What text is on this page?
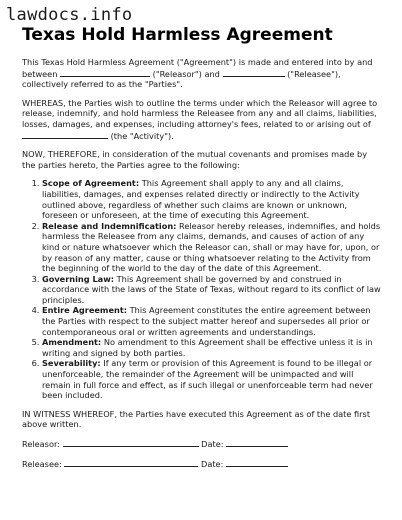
lawdocs.info
Texas Hold Harmless Agreement

This Texas Hold Harmless Agreement ("Agreement") is made and entered into by and between	("Releasor") and	("Releasee"), collectively referred to as the "Parties".

WHEREAS, the Parties wish to outline the terms under which the Releasor will agree to release, indemnify, and hold harmless the Releasee from any and all claims, liabilities, losses, damages, and expenses, including attorney's fees, related to or arising out of  (the "Activity").

NOW, THEREFORE, in consideration of the mutual covenants and promises made by the parties hereto, the Parties agree to the following:

1. Scope of Agreement: This Agreement shall apply to any and all claims, liabilities, damages, and expenses related directly or indirectly to the Activity outlined above, regardless of whether such claims are known or unknown, foreseen or unforeseen, at the time of executing this Agreement.
2. Release and Indemnification: Releasor hereby releases, indemnifies, and holds harmless the Releasee from any claims, demands, and causes of action of any kind or nature whatsoever which the Releasor can, shall or may have for, upon, or by reason of any matter, cause or thing whatsoever relating to the Activity from the beginning of the world to the day of the date of this Agreement.
3. Governing Law: This Agreement shall be governed by and construed in accordance with the laws of the State of Texas, without regard to its conflict of law principles.
4. Entire Agreement: This Agreement constitutes the entire agreement between the Parties with respect to the subject matter hereof and supersedes all prior or contemporaneous oral or written agreements and understandings.
5. Amendment: No amendment to this Agreement shall be effective unless it is in writing and signed by both parties.
6. Severability: If any term or provision of this Agreement is found to be illegal or unenforceable, the remainder of the Agreement will be unimpacted and will remain in full force and effect, as if such illegal or unenforceable term had never been included.

IN WITNESS WHEREOF, the Parties have executed this Agreement as of the date first above written.

Releasor:	Date:
Releasee:	Date:
